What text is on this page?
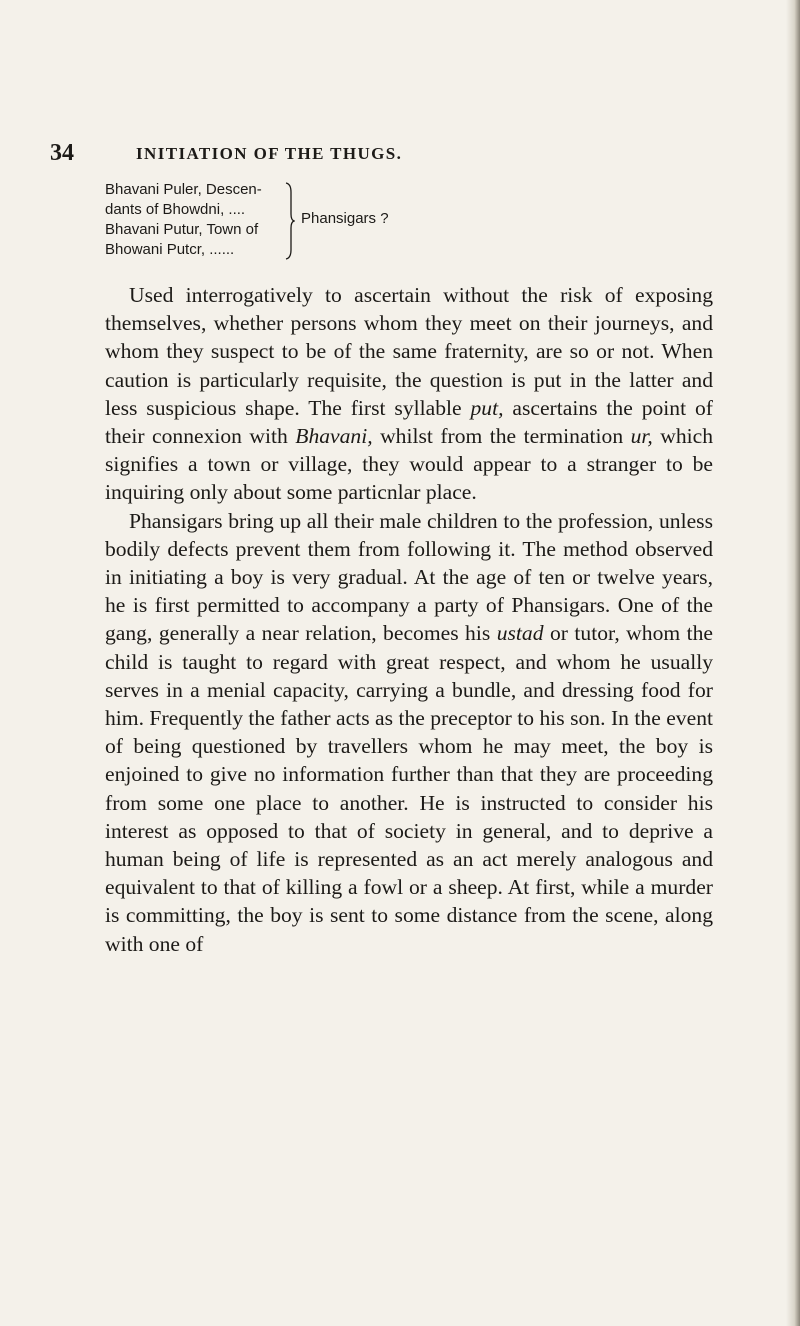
34	INITIATION OF THE THUGS.
Bhavani Puler, Descen-
dants of Bhowdni, ....
Bhavani Putur, Town of
Bhowani Putcr, ......
Phansigars ?

Used interrogatively to ascertain without the risk of exposing themselves, whether persons whom they meet on their journeys, and whom they suspect to be of the same fraternity, are so or not. When caution is particularly requisite, the question is put in the latter and less suspicious shape. The first syllable put, ascertains the point of their connexion with Bhavani, whilst from the termination ur, which signifies a town or village, they would appear to a stranger to be inquiring only about some particnlar place.

Phansigars bring up all their male children to the profession, unless bodily defects prevent them from following it. The method observed in initiating a boy is very gradual. At the age of ten or twelve years, he is first permitted to accompany a party of Phansigars. One of the gang, generally a near relation, becomes his ustad or tutor, whom the child is taught to regard with great respect, and whom he usually serves in a menial capacity, carrying a bundle, and dressing food for him. Frequently the father acts as the preceptor to his son. In the event of being questioned by travellers whom he may meet, the boy is enjoined to give no information further than that they are proceeding from some one place to another. He is instructed to consider his interest as opposed to that of society in general, and to deprive a human being of life is represented as an act merely analogous and equivalent to that of killing a fowl or a sheep. At first, while a murder is committing, the boy is sent to some distance from the scene, along with one of
